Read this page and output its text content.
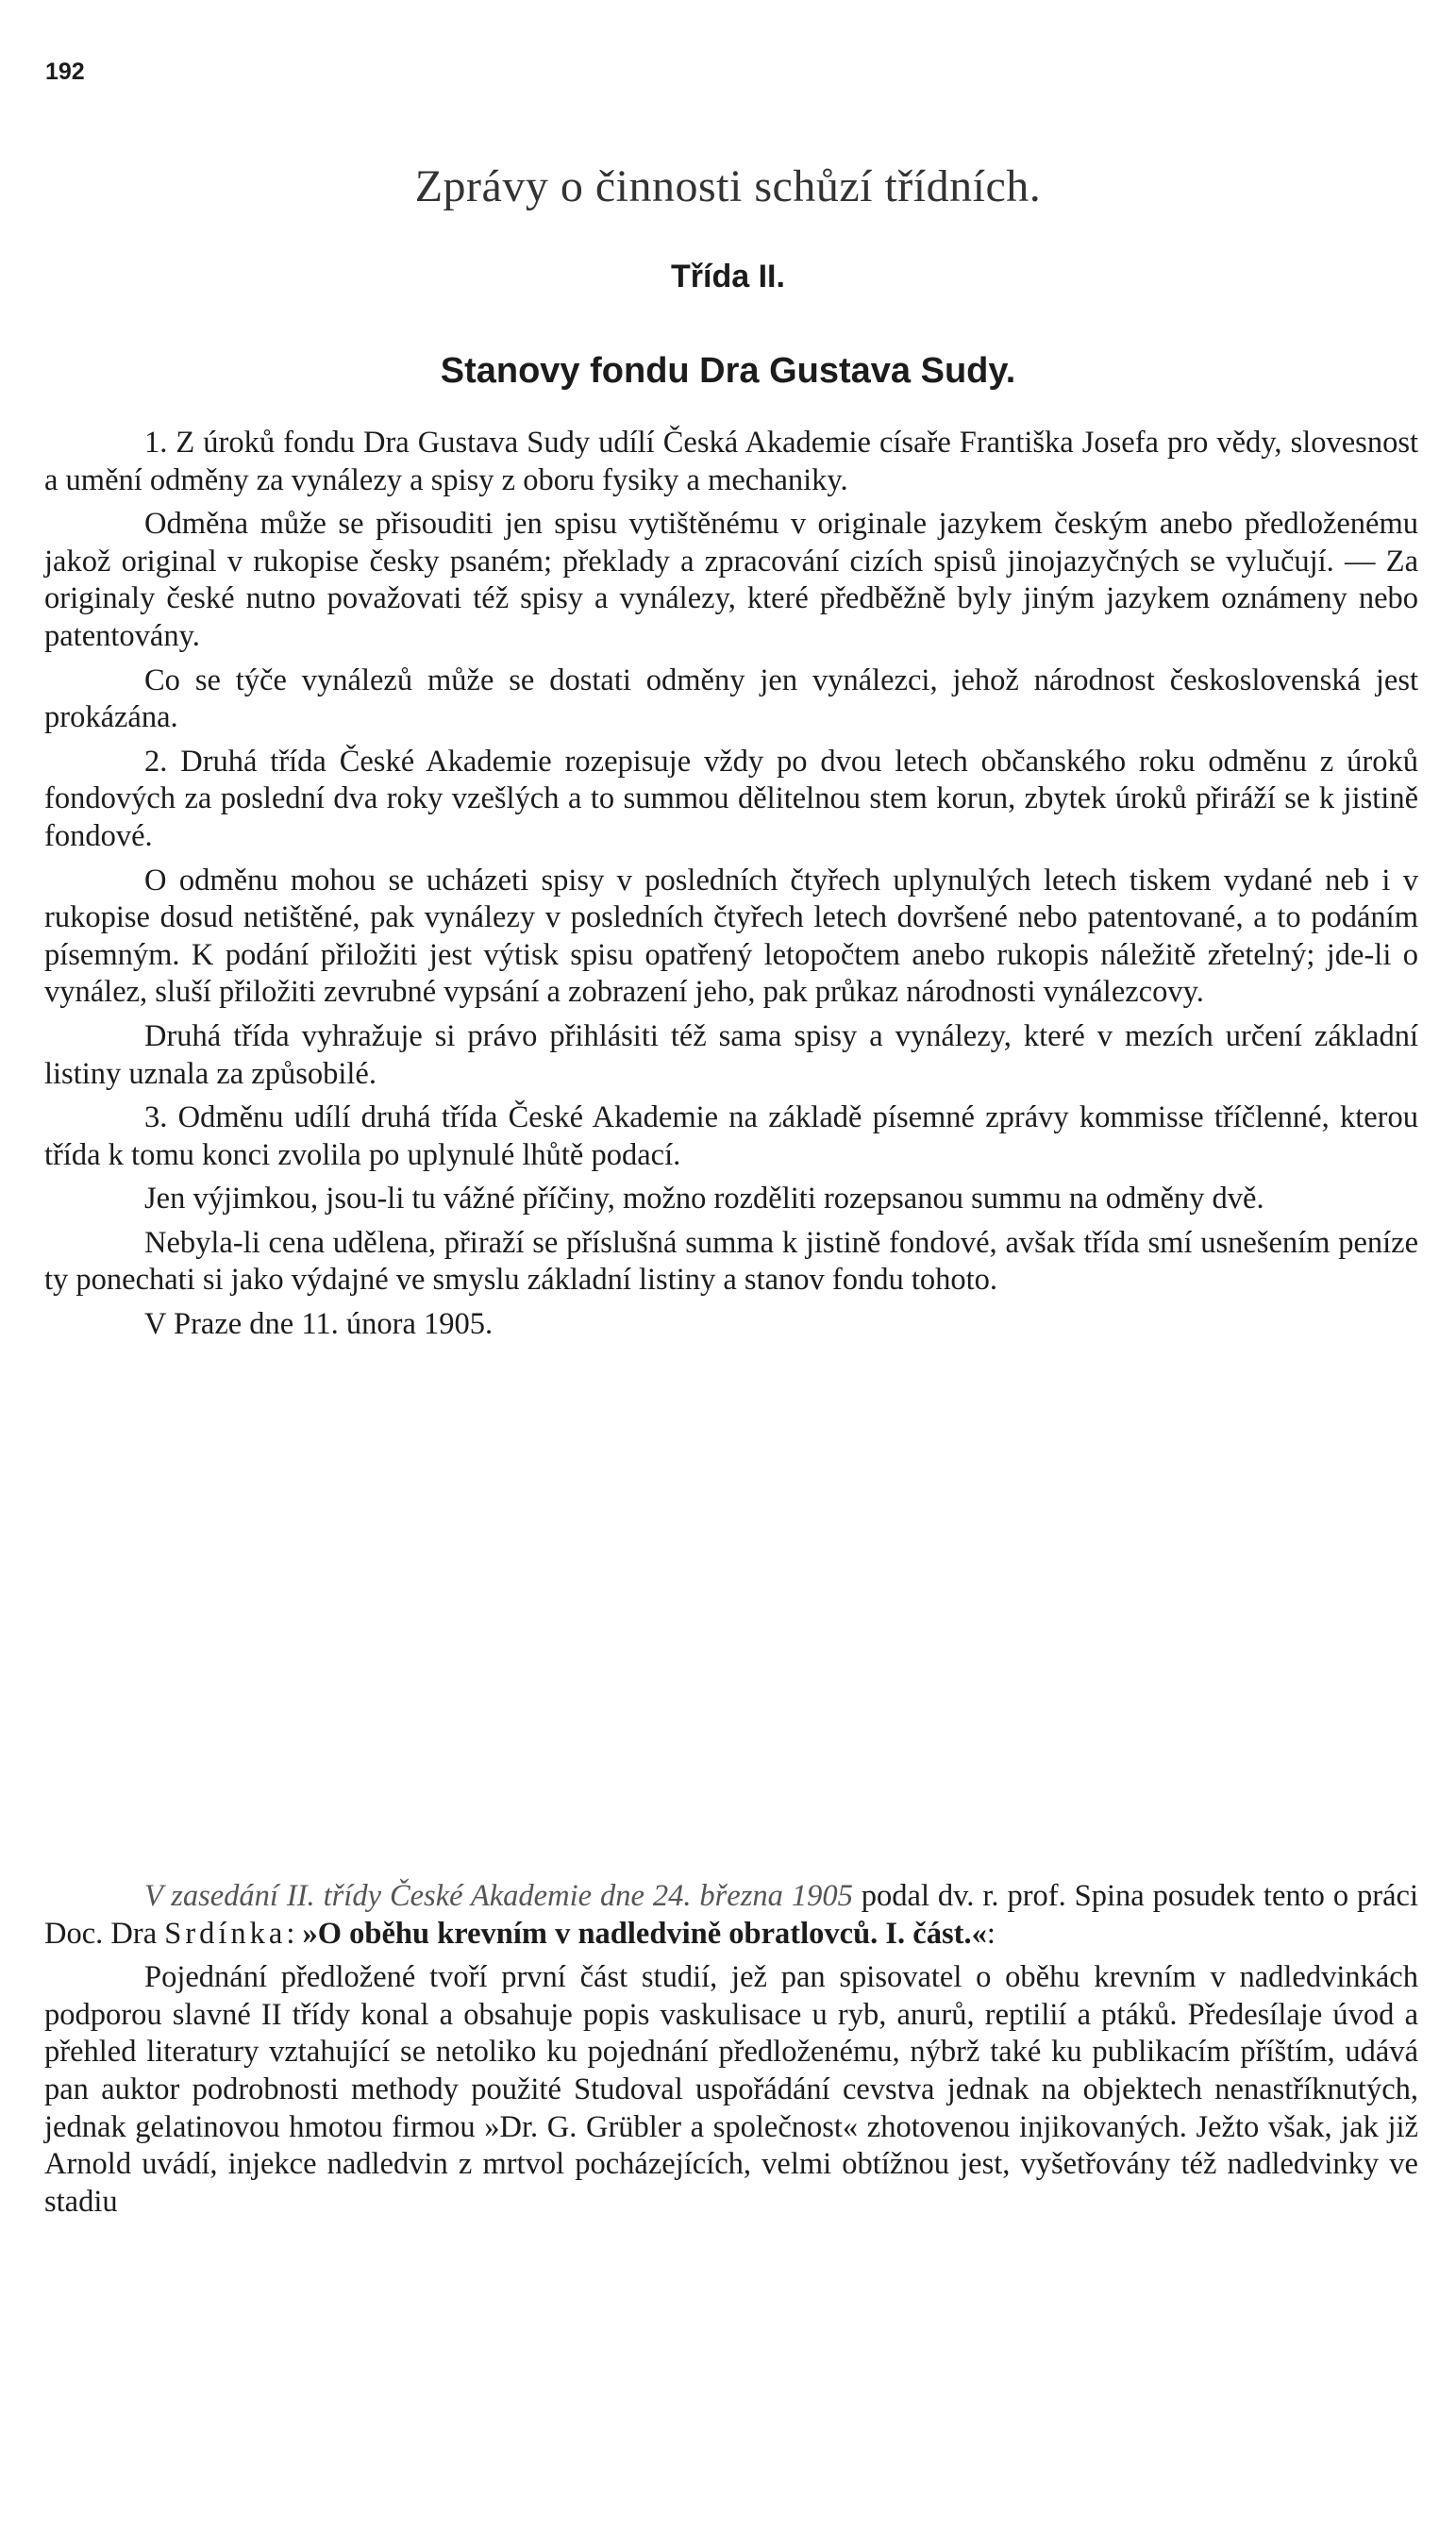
192
Zprávy o činnosti schůzí třídních.
Třída II.
Stanovy fondu Dra Gustava Sudy.

1. Z úroků fondu Dra Gustava Sudy udílí Česká Akademie císaře Františka Josefa pro vědy, slovesnost a umění odměny za vynálezy a spisy z oboru fysiky a mechaniky.

Odměna může se přisouditi jen spisu vytištěnému v originale jazykem českým anebo předloženému jakož original v rukopise česky psaném; překlady a zpracování cizích spisů jinojazyčných se vylučují. — Za originaly české nutno považovati též spisy a vynálezy, které předběžně byly jiným jazykem oznámeny nebo patentovány.

Co se týče vynálezů může se dostati odměny jen vynálezci, jehož národnost československá jest prokázána.

2. Druhá třída České Akademie rozepisuje vždy po dvou letech občanského roku odměnu z úroků fondových za poslední dva roky vzešlých a to summou dělitelnou stem korun, zbytek úroků přiráží se k jistině fondové.

O odměnu mohou se ucházeti spisy v posledních čtyřech uplynulých letech tiskem vydané neb i v rukopise dosud netištěné, pak vynálezy v posledních čtyřech letech dovršené nebo patentované, a to podáním písemným. K podání přiložiti jest výtisk spisu opatřený letopočtem anebo rukopis náležitě zřetelný; jde-li o vynález, sluší přiložiti zevrubné vypsání a zobrazení jeho, pak průkaz národnosti vynálezcovy.

Druhá třída vyhražuje si právo přihlásiti též sama spisy a vynálezy, které v mezích určení základní listiny uznala za způsobilé.

3. Odměnu udílí druhá třída České Akademie na základě písemné zprávy kommisse tříčlenné, kterou třída k tomu konci zvolila po uplynulé lhůtě podací.

Jen výjimkou, jsou-li tu vážné příčiny, možno rozděliti rozepsanou summu na odměny dvě.

Nebyla-li cena udělena, přiraží se příslušná summa k jistině fondové, avšak třída smí usnešením peníze ty ponechati si jako výdajné ve smyslu základní listiny a stanov fondu tohoto.

V Praze dne 11. února 1905.

V zasedání II. třídy České Akademie dne 24. března 1905 podal dv. r. prof. Spina posudek tento o práci Doc. Dra Srdínka: »O oběhu krevním v nadledvině obratlovců. I. část.«:

Pojednání předložené tvoří první část studií, jež pan spisovatel o oběhu krevním v nadledvinkách podporou slavné II třídy konal a obsahuje popis vaskulisace u ryb, anurů, reptilií a ptáků. Předesílaje úvod a přehled literatury vztahující se netoliko ku pojednání předloženému, nýbrž také ku publikacím příštím, udává pan auktor podrobnosti methody použité Studoval uspořádání cevstva jednak na objektech nenastříknutých, jednak gelatinovou hmotou firmou »Dr. G. Grübler a společnost« zhotovenou injikovaných. Ježto však, jak již Arnold uvádí, injekce nadledvin z mrtvol pocházejících, velmi obtížnou jest, vyšetřovány též nadledvinky ve stadiu
